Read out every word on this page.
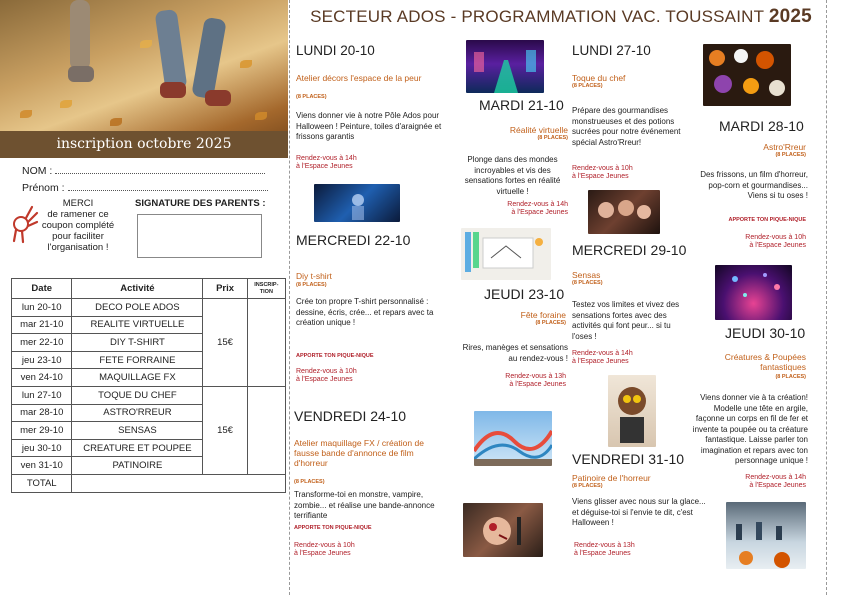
inscription octobre 2025
NOM :
Prénom :
MERCI
de ramener ce
coupon complété
pour faciliter
l'organisation !
SIGNATURE DES PARENTS :
Date	Activité	Prix	INSCRIP-TION
lun 20-10	DECO POLE ADOS	15€	
mar 21-10	REALITE VIRTUELLE		
mer 22-10	DIY T-SHIRT		
jeu 23-10	FETE FORRAINE		
ven 24-10	MAQUILLAGE FX		
lun 27-10	TOQUE DU CHEF	15€	
mar 28-10	ASTRO'RREUR		
mer 29-10	SENSAS		
jeu 30-10	CREATURE ET POUPEE		
ven 31-10	PATINOIRE		
TOTAL			
SECTEUR ADOS - PROGRAMMATION VAC. TOUSSAINT 2025
LUNDI 20-10
Atelier décors l'espace de la peur
(8 PLACES)
Viens donner vie à notre Pôle Ados pour Halloween ! Peinture, toiles d'araignée et frissons garantis
Rendez-vous à 14h
à l'Espace Jeunes
MERCREDI 22-10
Diy t-shirt
(8 PLACES)
Crée ton propre T-shirt personnalisé : dessine, écris, crée... et repars avec ta création unique !
APPORTE TON PIQUE-NIQUE
Rendez-vous à 10h
à l'Espace Jeunes
VENDREDI 24-10
Atelier maquillage FX / création de fausse bande d'annonce de film d'horreur
(8 PLACES)
Transforme-toi en monstre, vampire, zombie... et réalise une bande-annonce terrifiante
APPORTE TON PIQUE-NIQUE
Rendez-vous à 10h
à l'Espace Jeunes
MARDI 21-10
Réalité virtuelle
(8 PLACES)
Plonge dans des mondes incroyables et vis des sensations fortes en réalité virtuelle !
Rendez-vous à 14h
à l'Espace Jeunes
JEUDI 23-10
Fête foraine
(8 PLACES)
Rires, manèges et sensations au rendez-vous !
Rendez-vous à 13h
à l'Espace Jeunes
LUNDI 27-10
Toque du chef
(8 PLACES)
Prépare des gourmandises monstrueuses et des potions sucrées pour notre événement spécial Astro'Rreur!
Rendez-vous à 10h
à l'Espace Jeunes
MERCREDI 29-10
Sensas
(8 PLACES)
Testez vos limites et vivez des sensations fortes avec des activités qui font peur... si tu l'oses !
Rendez-vous à 14h
à l'Espace Jeunes
VENDREDI 31-10
Patinoire de l'horreur
(8 PLACES)
Viens glisser avec nous sur la glace... et déguise-toi si l'envie te dit, c'est Halloween !
Rendez-vous à 13h
à l'Espace Jeunes
MARDI 28-10
Astro'Rreur
(8 PLACES)
Des frissons, un film d'horreur, pop-corn et gourmandises... Viens si tu oses !
APPORTE TON PIQUE-NIQUE
Rendez-vous à 10h
à l'Espace Jeunes
JEUDI 30-10
Créatures & Poupées fantastiques
(8 PLACES)
Viens donner vie à ta création! Modelle une tête en argile, façonne un corps en fil de fer et invente ta poupée ou ta créature fantastique. Laisse parler ton imagination et repars avec ton personnage unique !
Rendez-vous à 14h
à l'Espace Jeunes
